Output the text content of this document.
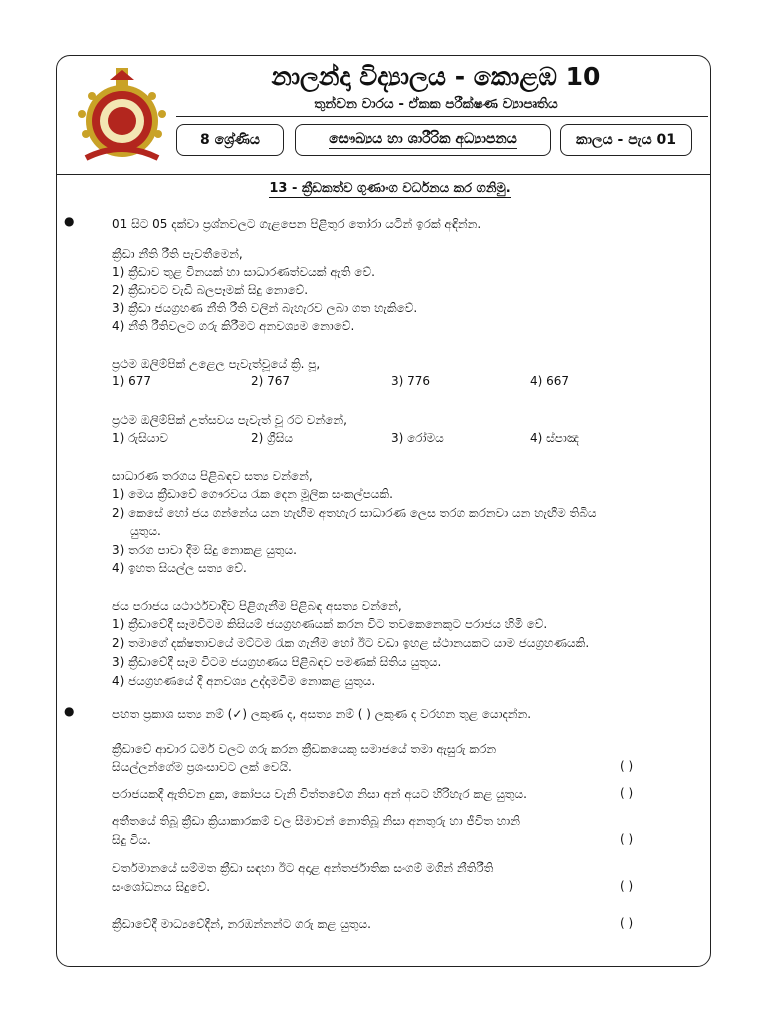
නාලන්දා විද්‍යාලය - කොළඹ 10
තුන්වන වාරය - ඒකක පරීක්ෂණ ව්‍යාපෘතිය
8 ශ්‍රේණිය	සෞඛ්‍යය හා ශාරීරික අධ්‍යාපනය	කාලය - පැය 01
13 - ක්‍රීඩකත්ව ගුණාංග වර්ධනය කර ගනිමු.
●	01 සිට 05 දක්වා ප්‍රශ්නවලට ගැළපෙන පිළිතුර තෝරා යටින් ඉරක් අඳින්න.
ක්‍රීඩා නීති රීති පැවතීමෙන්,
1) ක්‍රීඩාව තුළ විනයක් හා සාධාරණත්වයක් ඇති වේ.
2) ක්‍රීඩාවට වැඩි බලපෑමක් සිදු නොවේ.
3) ක්‍රීඩා ජයග්‍රහණ නීති රීති වලින් බැහැරව ලබා ගත හැකිවේ.
4) නීති රීතිවලට ගරු කිරීමට අනවශ්‍යම නොවේ.
ප්‍රථම ඔලිම්පික් උළෙල පැවැත්වූයේ ක්‍රි. පූ,
1) 677	2) 767	3) 776	4) 667
ප්‍රථම ඔලිම්පික් උත්සවය පැවැත් වූ රට වන්නේ,
1) රුසියාව	2) ග්‍රීසිය	3) රෝමය	4) ස්පාඤ
සාධාරණ තරගය පිළිබඳව සත්‍ය වන්නේ,
1) මෙය ක්‍රීඩාවේ ගෞරවය රැක දෙන මූලික සංකල්පයකි.
2) කෙසේ හෝ ජය ගන්නේය යන හැඟීම අතහැර සාධාරණ ලෙස තරග කරනවා යන හැඟීම තිබිය
යුතුය.
3) තරග පාවා දීම සිදු නොකළ යුතුය.
4) ඉහත සියල්ල සත්‍ය වේ.
ජය පරාජය යථාර්ථවාදීව පිළිගැනීම පිළිබඳ අසත්‍ය වන්නේ,
1) ක්‍රීඩාවේදී සෑමවිටම කිසියම් ජයග්‍රහණයක් කරන විට තවකෙනෙකුට පරාජය හිමි වේ.
2) තමාගේ දක්ෂතාවයේ මට්ටම රැක ගැනීම හෝ ඊට වඩා ඉහළ ස්ථානයකට යාම ජයග්‍රහණයකි.
3) ක්‍රීඩාවේදී සෑම විටම ජයග්‍රහණය පිළිබඳව පමණක් සිතිය යුතුය.
4) ජයග්‍රහණයේ දී අනවශ්‍ය උද්දාමවීම නොකළ යුතුය.
●	පහත ප්‍රකාශ සත්‍ය නම් (✓) ලකුණ ද, අසත්‍ය නම් ( ) ලකුණ ද වරහන තුළ යොදන්න.
ක්‍රීඩාවේ ආචාර ධර්ම වලට ගරු කරන ක්‍රීඩකයෙකු සමාජයේ තමා ඇසුරු කරන
සියල්ලන්ගේම ප්‍රශංසාවට ලක් වෙයි.	( )
පරාජයකදී ඇතිවන දුක, කෝපය වැනි චිත්තවේග නිසා අන් අයට හිරිහැර කළ යුතුය.	( )
අතීතයේ තිබූ ක්‍රීඩා ක්‍රියාකාරකම් වල සීමාවන් නොතිබූ නිසා අනතුරු හා ජීවිත හානි
සිදු විය.	( )
වර්තමානයේ සම්මත ක්‍රීඩා සඳහා ඊට අදාළ අන්තර්ජාතික සංගම් මගින් නීතිරීති
සංශෝධනය සිදුවේ.	( )
ක්‍රීඩාවේදී මාධ්‍යවේදීන්, නරඹන්නන්ට ගරු කළ යුතුය.	( )
